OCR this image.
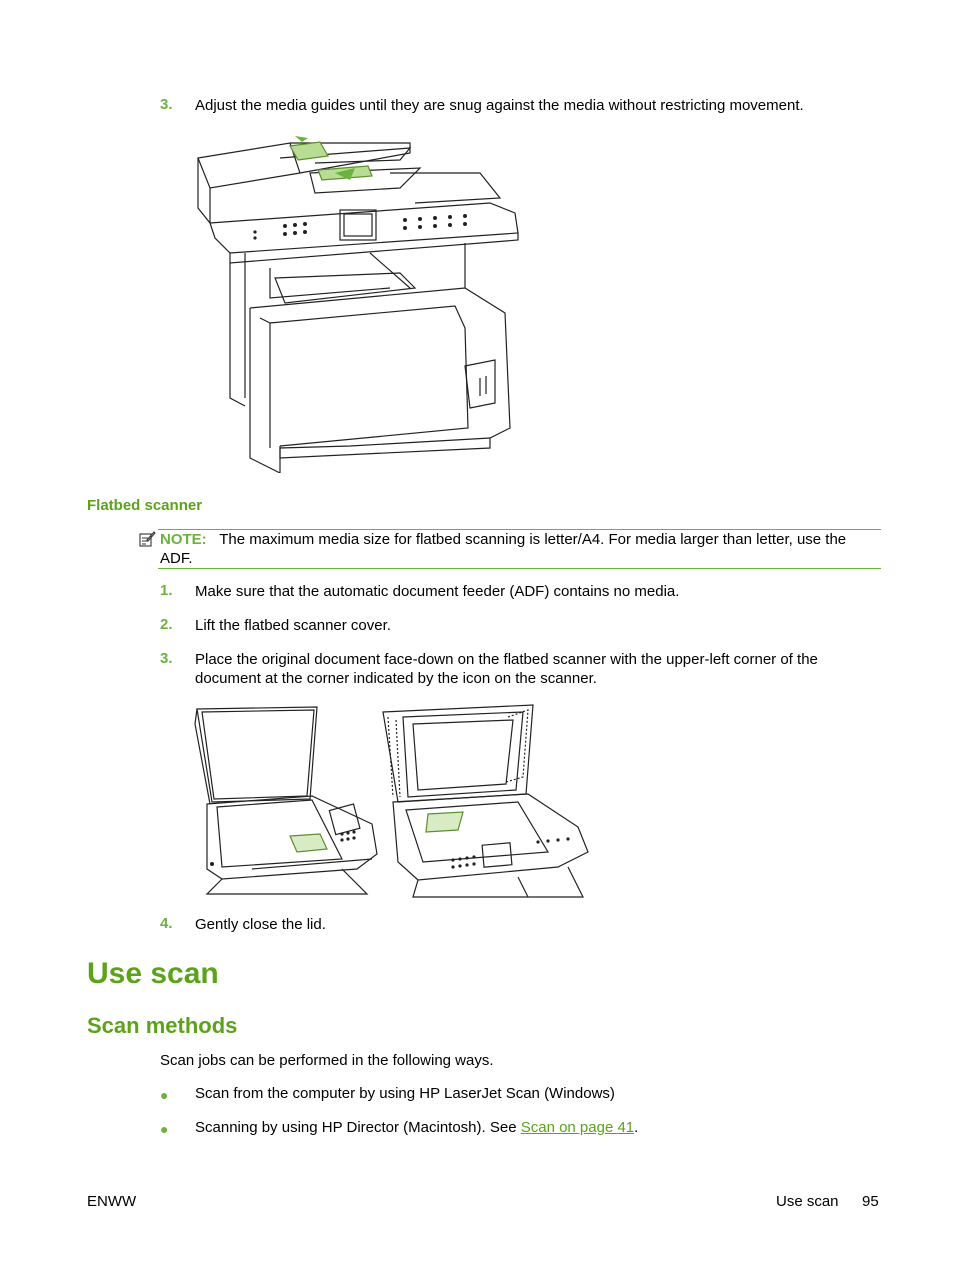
3. Adjust the media guides until they are snug against the media without restricting movement.
Flatbed scanner
NOTE: The maximum media size for flatbed scanning is letter/A4. For media larger than letter, use the ADF.
1. Make sure that the automatic document feeder (ADF) contains no media.
2. Lift the flatbed scanner cover.
3. Place the original document face-down on the flatbed scanner with the upper-left corner of the document at the corner indicated by the icon on the scanner.
4. Gently close the lid.
Use scan
Scan methods
Scan jobs can be performed in the following ways.
● Scan from the computer by using HP LaserJet Scan (Windows)
● Scanning by using HP Director (Macintosh). See Scan on page 41.
ENWW	Use scan 95
